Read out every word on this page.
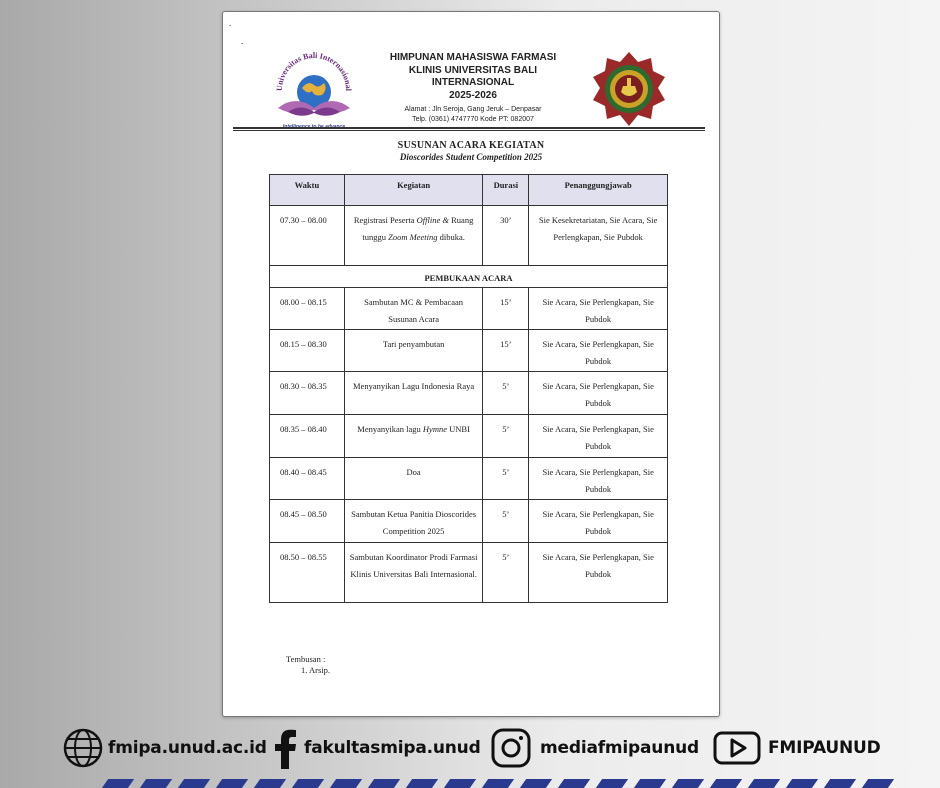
.
.
Universitas Bali Internasional
HIMPUNAN MAHASISWA FARMASI
KLINIS UNIVERSITAS BALI
INTERNASIONAL
2025-2026
Alamat : Jln Seroja, Gang Jeruk – Denpasar
Telp. (0361) 4747770 Kode PT: 082007
SUSUNAN ACARA KEGIATAN
Dioscorides Student Competition 2025
Waktu	Kegiatan	Durasi	Penanggungjawab
07.30 – 08.00	Registrasi Peserta Offline & Ruang tunggu Zoom Meeting dibuka.	30’	Sie Kesekretariatan, Sie Acara, Sie Perlengkapan, Sie Pubdok
PEMBUKAAN ACARA			
08.00 – 08.15	Sambutan MC & Pembacaan Susunan Acara	15’	Sie Acara, Sie Perlengkapan, Sie Pubdok
08.15 – 08.30	Tari penyambutan	15’	Sie Acara, Sie Perlengkapan, Sie Pubdok
08.30 – 08.35	Menyanyikan Lagu Indonesia Raya	5’	Sie Acara, Sie Perlengkapan, Sie Pubdok
08.35 – 08.40	Menyanyikan lagu Hymne UNBI	5’	Sie Acara, Sie Perlengkapan, Sie Pubdok
08.40 – 08.45	Doa	5’	Sie Acara, Sie Perlengkapan, Sie Pubdok
08.45 – 08.50	Sambutan Ketua Panitia Dioscorides Competition 2025	5’	Sie Acara, Sie Perlengkapan, Sie Pubdok
08.50 – 08.55	Sambutan Koordinator Prodi Farmasi Klinis Universitas Bali Internasional.	5’	Sie Acara, Sie Perlengkapan, Sie Pubdok
Tembusan :
1. Arsip.
fmipa.unud.ac.id fakultasmipa.unud	mediafmipaunud	FMIPAUNUD
